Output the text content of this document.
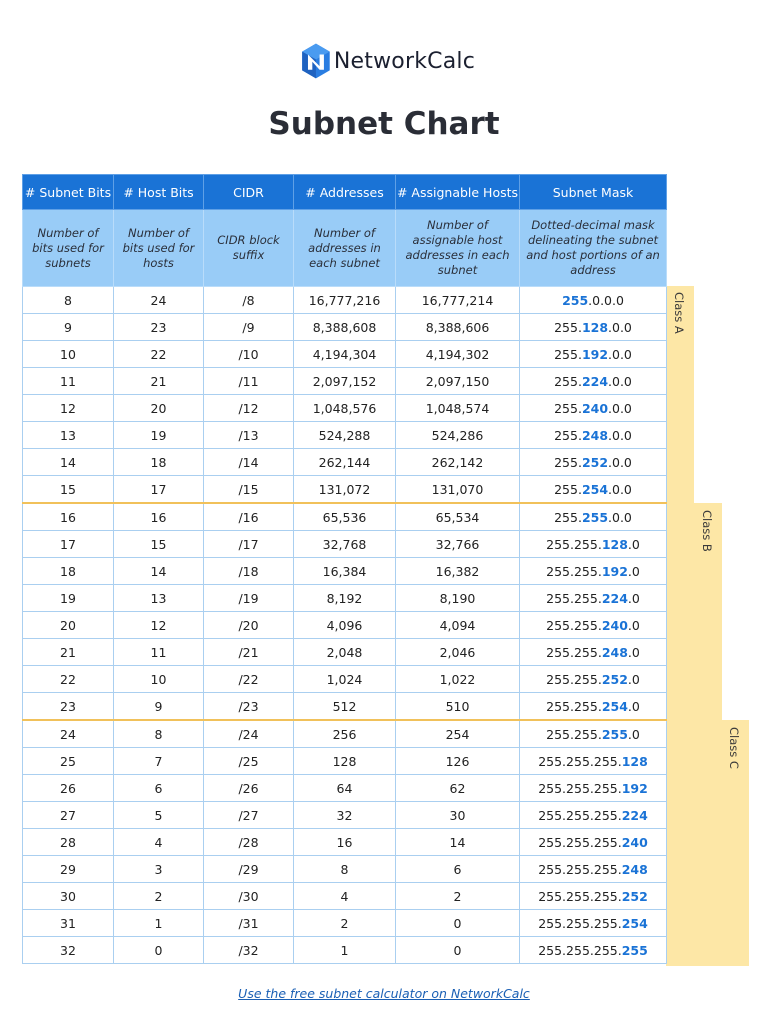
NetworkCalc
Subnet Chart
Class A
Class B
Class C
# Subnet Bits	# Host Bits	CIDR	# Addresses	# Assignable Hosts	Subnet Mask
Number of bits used for subnets	Number of bits used for hosts	CIDR block suffix	Number of addresses in each subnet	Number of assignable host addresses in each subnet	Dotted-decimal mask delineating the subnet and host portions of an address
8	24	/8	16,777,216	16,777,214	255.0.0.0
9	23	/9	8,388,608	8,388,606	255.128.0.0
10	22	/10	4,194,304	4,194,302	255.192.0.0
11	21	/11	2,097,152	2,097,150	255.224.0.0
12	20	/12	1,048,576	1,048,574	255.240.0.0
13	19	/13	524,288	524,286	255.248.0.0
14	18	/14	262,144	262,142	255.252.0.0
15	17	/15	131,072	131,070	255.254.0.0
16	16	/16	65,536	65,534	255.255.0.0
17	15	/17	32,768	32,766	255.255.128.0
18	14	/18	16,384	16,382	255.255.192.0
19	13	/19	8,192	8,190	255.255.224.0
20	12	/20	4,096	4,094	255.255.240.0
21	11	/21	2,048	2,046	255.255.248.0
22	10	/22	1,024	1,022	255.255.252.0
23	9	/23	512	510	255.255.254.0
24	8	/24	256	254	255.255.255.0
25	7	/25	128	126	255.255.255.128
26	6	/26	64	62	255.255.255.192
27	5	/27	32	30	255.255.255.224
28	4	/28	16	14	255.255.255.240
29	3	/29	8	6	255.255.255.248
30	2	/30	4	2	255.255.255.252
31	1	/31	2	0	255.255.255.254
32	0	/32	1	0	255.255.255.255
Use the free subnet calculator on NetworkCalc
